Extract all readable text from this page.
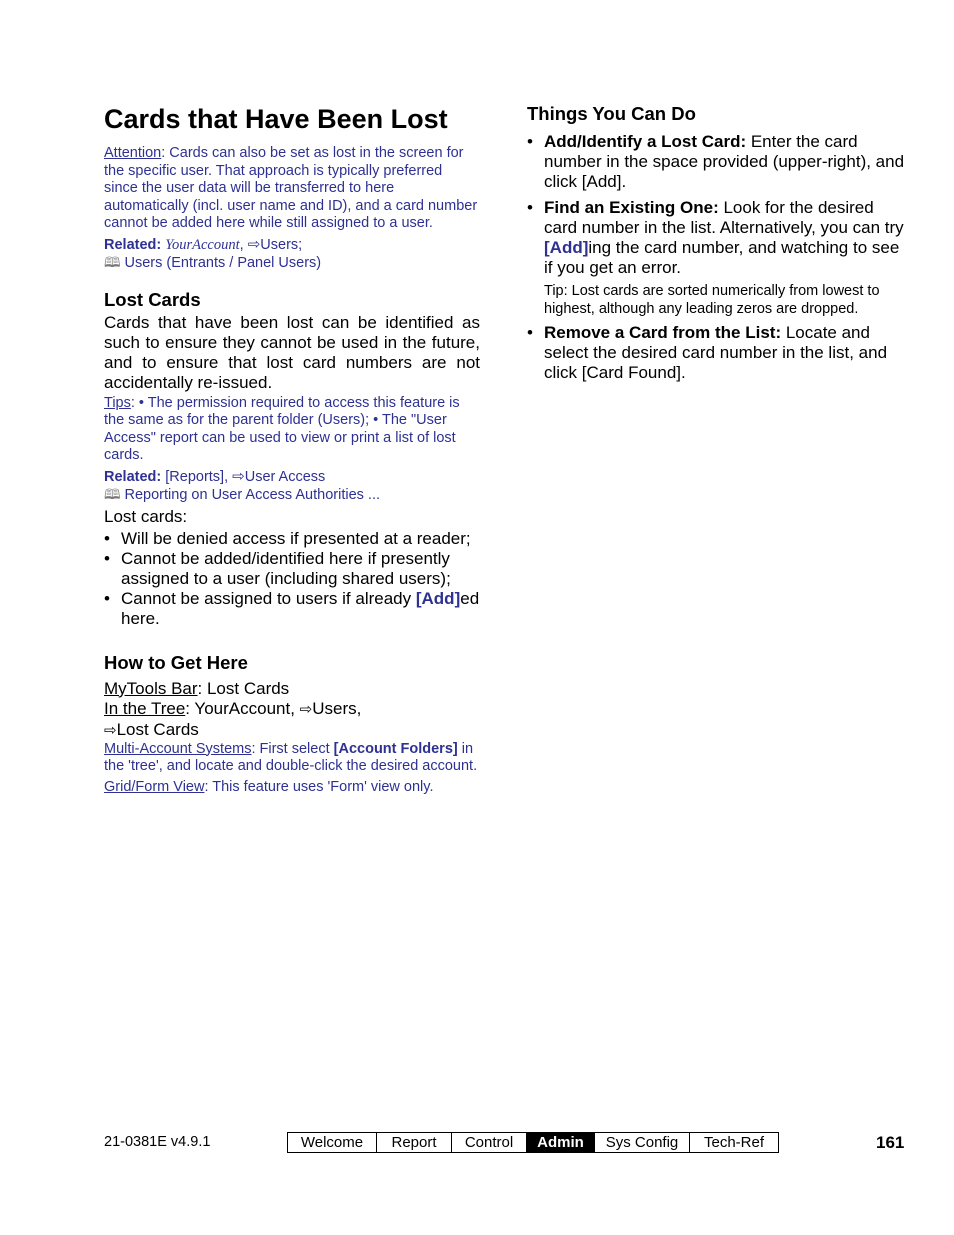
Cards that Have Been Lost
Attention: Cards can also be set as lost in the screen for the specific user. That approach is typically preferred since the user data will be transferred to here automatically (incl. user name and ID), and a card number cannot be added here while still assigned to a user.
Related: YourAccount, ⇨Users;
🕮 Users (Entrants / Panel Users)
Lost Cards
Cards that have been lost can be identified as such to ensure they cannot be used in the future, and to ensure that lost card numbers are not accidentally re-issued.
Tips: • The permission required to access this feature is the same as for the parent folder (Users); • The "User Access" report can be used to view or print a list of lost cards.
Related: [Reports], ⇨User Access
🕮 Reporting on User Access Authorities ...
Lost cards:
• Will be denied access if presented at a reader;
• Cannot be added/identified here if presently assigned to a user (including shared users);
• Cannot be assigned to users if already [Add]ed here.
How to Get Here
MyTools Bar: Lost Cards
In the Tree: YourAccount, ⇨Users,
⇨Lost Cards
Multi-Account Systems: First select [Account Folders] in the 'tree', and locate and double-click the desired account.
Grid/Form View: This feature uses 'Form' view only.
Things You Can Do
• Add/Identify a Lost Card: Enter the card number in the space provided (upper-right), and click [Add].
• Find an Existing One: Look for the desired card number in the list. Alternatively, you can try [Add]ing the card number, and watching to see if you get an error.
Tip: Lost cards are sorted numerically from lowest to highest, although any leading zeros are dropped.
• Remove a Card from the List: Locate and select the desired card number in the list, and click [Card Found].
21-0381E v4.9.1	Welcome	Report	Control	Admin	Sys Config	Tech-Ref	161
